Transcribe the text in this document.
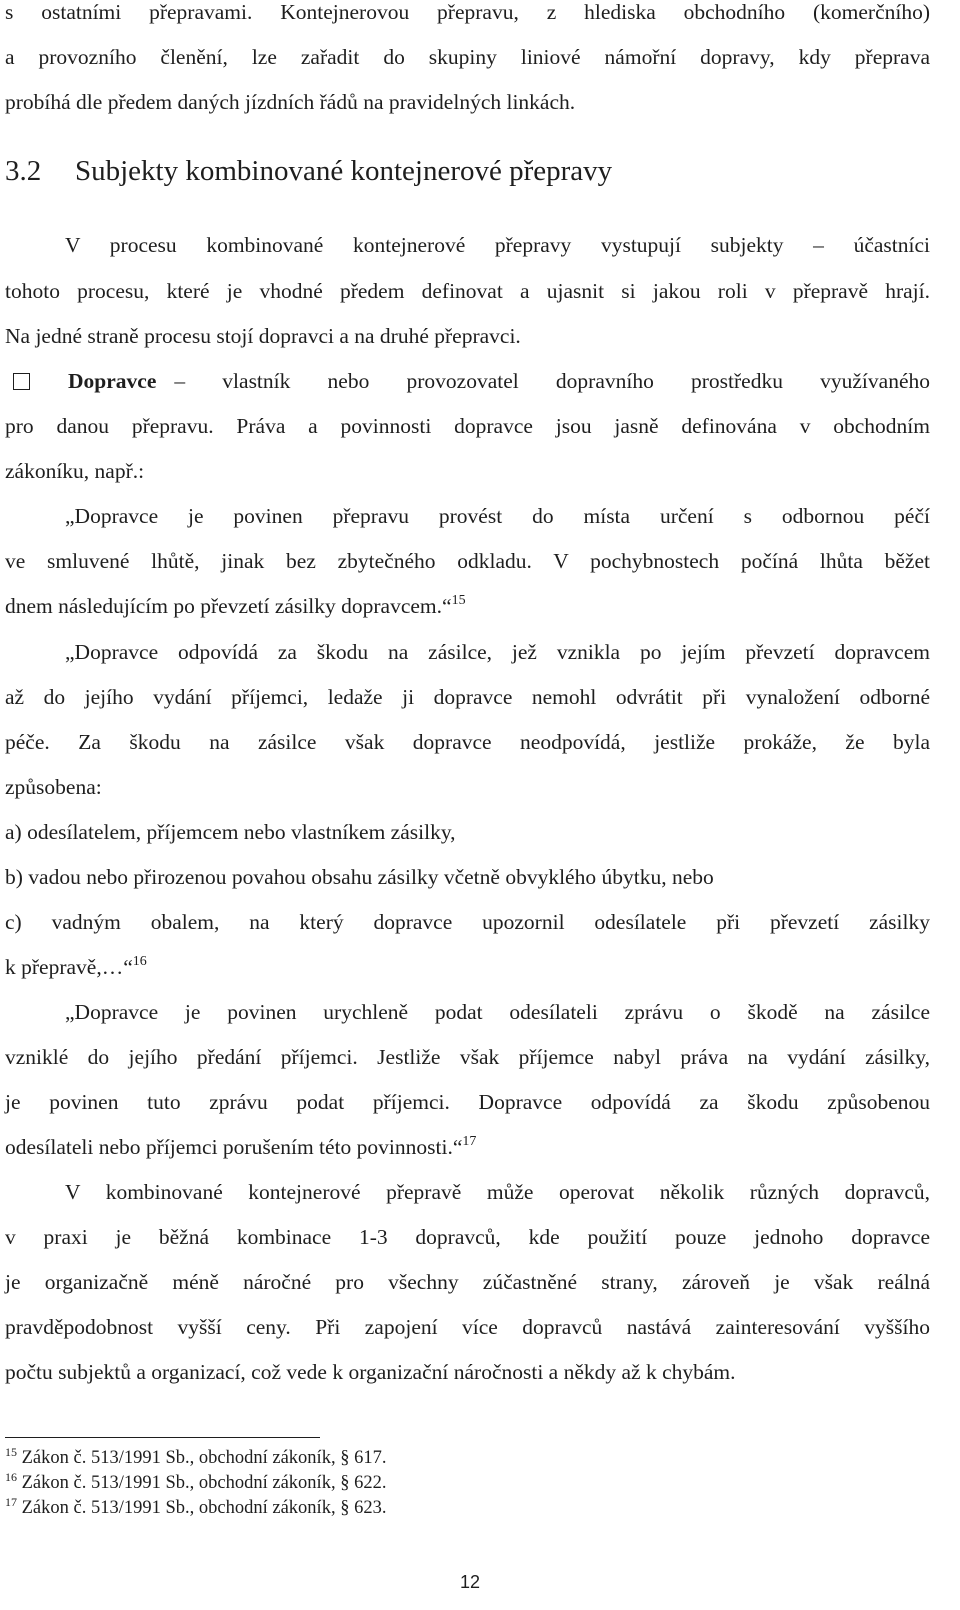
s ostatními přepravami. Kontejnerovou přepravu, z hlediska obchodního (komerčního)
a provozního členění, lze zařadit do skupiny liniové námořní dopravy, kdy přeprava
probíhá dle předem daných jízdních řádů na pravidelných linkách.
3.2 Subjekty kombinované kontejnerové přepravy
V procesu kombinované kontejnerové přepravy vystupují subjekty – účastníci
tohoto procesu, které je vhodné předem definovat a ujasnit si jakou roli v přepravě hrají.
Na jedné straně procesu stojí dopravci a na druhé přepravci.
Dopravce – vlastník nebo provozovatel dopravního prostředku využívaného
pro danou přepravu. Práva a povinnosti dopravce jsou jasně definována v obchodním
zákoníku, např.:
„Dopravce je povinen přepravu provést do místa určení s odbornou péčí
ve smluvené lhůtě, jinak bez zbytečného odkladu. V pochybnostech počíná lhůta běžet
dnem následujícím po převzetí zásilky dopravcem.“$^{15}$
„Dopravce odpovídá za škodu na zásilce, jež vznikla po jejím převzetí dopravcem
až do jejího vydání příjemci, ledaže ji dopravce nemohl odvrátit při vynaložení odborné
péče. Za škodu na zásilce však dopravce neodpovídá, jestliže prokáže, že byla
způsobena:
a) odesílatelem, příjemcem nebo vlastníkem zásilky,
b) vadou nebo přirozenou povahou obsahu zásilky včetně obvyklého úbytku, nebo
c) vadným obalem, na který dopravce upozornil odesílatele při převzetí zásilky
k přepravě,…“$^{16}$
„Dopravce je povinen urychleně podat odesílateli zprávu o škodě na zásilce
vzniklé do jejího předání příjemci. Jestliže však příjemce nabyl práva na vydání zásilky,
je povinen tuto zprávu podat příjemci. Dopravce odpovídá za škodu způsobenou
odesílateli nebo příjemci porušením této povinnosti.“$^{17}$
V kombinované kontejnerové přepravě může operovat několik různých dopravců,
v praxi je běžná kombinace 1-3 dopravců, kde použití pouze jednoho dopravce
je organizačně méně náročné pro všechny zúčastněné strany, zároveň je však reálná
pravděpodobnost vyšší ceny. Při zapojení více dopravců nastává zainteresování vyššího
počtu subjektů a organizací, což vede k organizační náročnosti a někdy až k chybám.
$^{15}$ Zákon č. 513/1991 Sb., obchodní zákoník, § 617.
$^{16}$ Zákon č. 513/1991 Sb., obchodní zákoník, § 622.
$^{17}$ Zákon č. 513/1991 Sb., obchodní zákoník, § 623.
12
